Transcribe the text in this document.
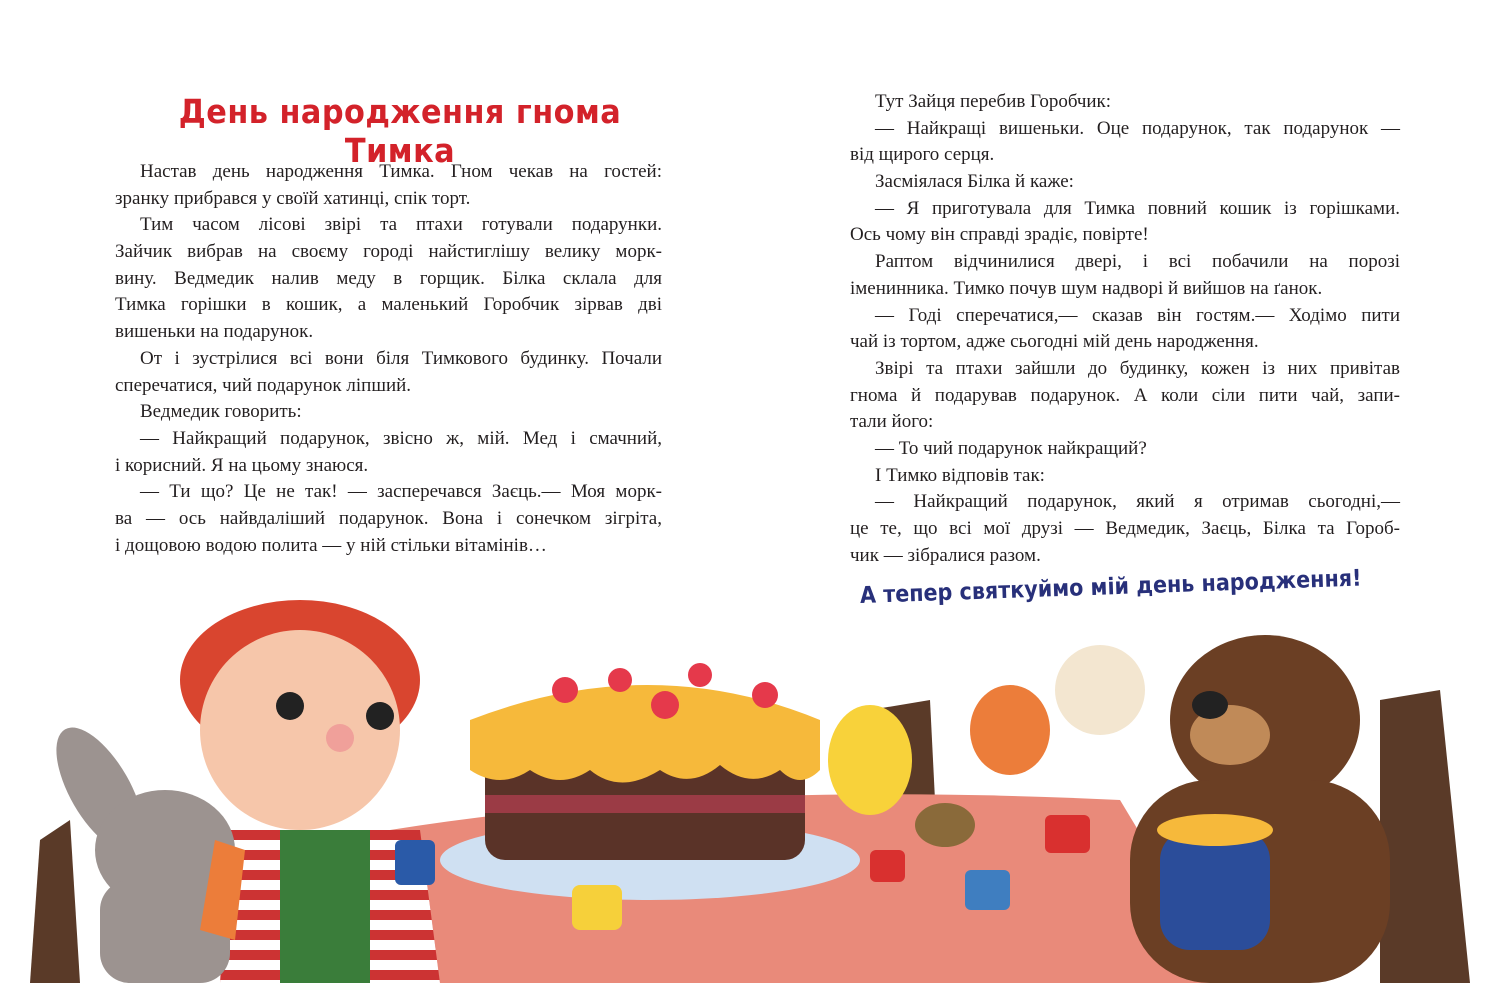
День народження гнома Тимка
Настав день народження Тимка. Гном чекав на гостей:
зранку прибрався у своїй хатинці, спік торт.
Тим часом лісові звірі та птахи готували подарунки.
Зайчик вибрав на своєму городі найстиглішу велику морк-
вину. Ведмедик налив меду в горщик. Білка склала для
Тимка горішки в кошик, а маленький Горобчик зірвав дві
вишеньки на подарунок.
От і зустрілися всі вони біля Тимкового будинку. Почали
сперечатися, чий подарунок ліпший.
Ведмедик говорить:
— Найкращий подарунок, звісно ж, мій. Мед і смачний,
і корисний. Я на цьому знаюся.
— Ти що? Це не так! — засперечався Заєць.— Моя морк-
ва — ось найвдаліший подарунок. Вона і сонечком зігріта,
і дощовою водою полита — у ній стільки вітамінів…
Тут Зайця перебив Горобчик:
— Найкращі вишеньки. Оце подарунок, так подарунок —
від щирого серця.
Засміялася Білка й каже:
— Я приготувала для Тимка повний кошик із горішками.
Ось чому він справді зрадіє, повірте!
Раптом відчинилися двері, і всі побачили на порозі
іменинника. Тимко почув шум надворі й вийшов на ґанок.
— Годі сперечатися,— сказав він гостям.— Ходімо пити
чай із тортом, адже сьогодні мій день народження.
Звірі та птахи зайшли до будинку, кожен із них привітав
гнома й подарував подарунок. А коли сіли пити чай, запи-
тали його:
— То чий подарунок найкращий?
І Тимко відповів так:
— Найкращий подарунок, який я отримав сьогодні,—
це те, що всі мої друзі — Ведмедик, Заєць, Білка та Гороб-
чик — зібралися разом.
А тепер святкуймо мій день народження!
